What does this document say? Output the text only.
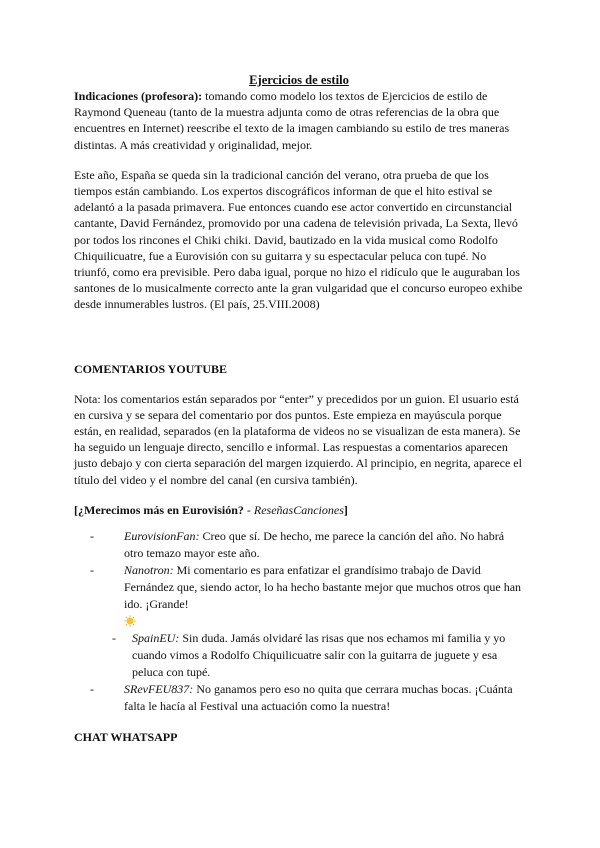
Ejercicios de estilo

Indicaciones (profesora): tomando como modelo los textos de Ejercicios de estilo de Raymond Queneau (tanto de la muestra adjunta como de otras referencias de la obra que encuentres en Internet) reescribe el texto de la imagen cambiando su estilo de tres maneras distintas. A más creatividad y originalidad, mejor.

Este año, España se queda sin la tradicional canción del verano, otra prueba de que los tiempos están cambiando. Los expertos discográficos informan de que el hito estival se adelantó a la pasada primavera. Fue entonces cuando ese actor convertido en circunstancial cantante, David Fernández, promovido por una cadena de televisión privada, La Sexta, llevó por todos los rincones el Chiki chiki. David, bautizado en la vida musical como Rodolfo Chiquilicuatre, fue a Eurovisión con su guitarra y su espectacular peluca con tupé. No triunfó, como era previsible. Pero daba igual, porque no hizo el ridículo que le auguraban los santones de lo musicalmente correcto ante la gran vulgaridad que el concurso europeo exhibe desde innumerables lustros. (El país, 25.VIII.2008)

COMENTARIOS YOUTUBE

Nota: los comentarios están separados por “enter” y precedidos por un guion. El usuario está en cursiva y se separa del comentario por dos puntos. Este empieza en mayúscula porque están, en realidad, separados (en la plataforma de videos no se visualizan de esta manera). Se ha seguido un lenguaje directo, sencillo e informal. Las respuestas a comentarios aparecen justo debajo y con cierta separación del margen izquierdo. Al principio, en negrita, aparece el título del video y el nombre del canal (en cursiva también).

[¿Merecimos más en Eurovisión? - ReseñasCanciones]

-	EurovisionFan: Creo que sí. De hecho, me parece la canción del año. No habrá otro temazo mayor este año.
-	Nanotron: Mi comentario es para enfatizar el grandísimo trabajo de David Fernández que, siendo actor, lo ha hecho bastante mejor que muchos otros que han ido. ¡Grande!

- SpainEU: Sin duda. Jamás olvidaré las risas que nos echamos mi familia y yo cuando vimos a Rodolfo Chiquilicuatre salir con la guitarra de juguete y esa peluca con tupé.
-	SRevFEU837: No ganamos pero eso no quita que cerrara muchas bocas. ¡Cuánta falta le hacía al Festival una actuación como la nuestra!

CHAT WHATSAPP
